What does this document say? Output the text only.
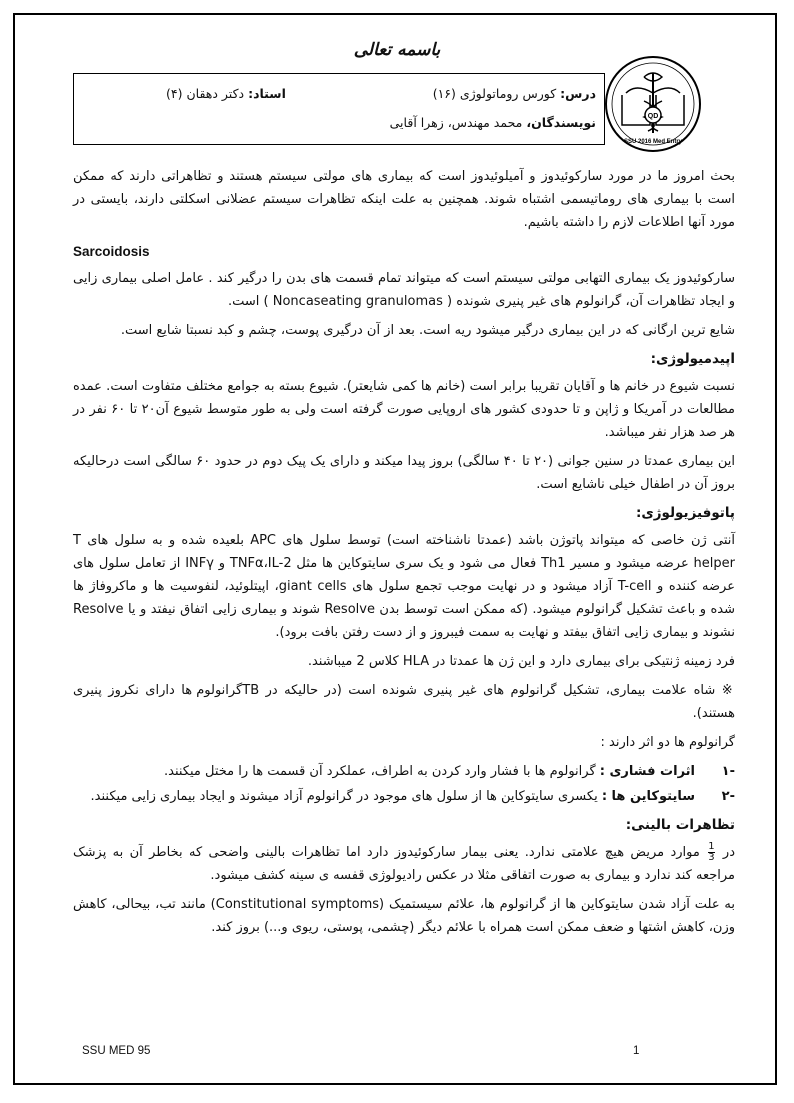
باسمه تعالی
QD
SSU 2016 Med Entry
درس: کورس روماتولوژی (۱۶)
استاد: دکتر دهقان (۴)
نویسندگان، محمد مهندس، زهرا آقایی

بحث امروز ما در مورد سارکوئیدوز و آمیلوئیدوز است که بیماری های مولتی سیستم هستند و تظاهراتی دارند که ممکن است با بیماری های روماتیسمی اشتباه شوند. همچنین به علت اینکه تظاهرات سیستم عضلانی اسکلتی دارند، بایستی در مورد آنها اطلاعات لازم را داشته باشیم.

Sarcoidosis

سارکوئیدوز یک بیماری التهابی مولتی سیستم است که میتواند تمام قسمت های بدن را درگیر کند . عامل اصلی بیماری زایی و ایجاد تظاهرات آن، گرانولوم های غیر پنیری شونده ( Noncaseating granulomas ) است.

شایع ترین ارگانی که در این بیماری درگیر میشود ریه است. بعد از آن درگیری پوست، چشم و کبد نسبتا شایع است.

اپیدمیولوژی:

نسبت شیوع در خانم ها و آقایان تقریبا برابر است (خانم ها کمی شایعتر). شیوع بسته به جوامع مختلف متفاوت است. عمده مطالعات در آمریکا و ژاپن و تا حدودی کشور های اروپایی صورت گرفته است ولی به طور متوسط شیوع آن۲۰ تا ۶۰ نفر در هر صد هزار نفر میباشد.

این بیماری عمدتا در سنین جوانی (۲۰ تا ۴۰ سالگی) بروز پیدا میکند و دارای یک پیک دوم در حدود ۶۰ سالگی است درحالیکه بروز آن در اطفال خیلی ناشایع است.

پاتوفیزیولوژی:

آنتی ژن خاصی که میتواند پاتوژن باشد (عمدتا ناشناخته است) توسط سلول های APC بلعیده شده و به سلول های T helper عرضه میشود و مسیر Th1 فعال می شود و یک سری سایتوکاین ها مثل TNFα،IL-2 و INFγ از تعامل سلول های عرضه کننده و T-cell آزاد میشود و در نهایت موجب تجمع سلول های giant cells، اپیتلوئید، لنفوسیت ها و ماکروفاژ ها شده و باعث تشکیل گرانولوم میشود. (که ممکن است توسط بدن Resolve شوند و بیماری زایی اتفاق نیفتد و یا Resolve نشوند و بیماری زایی اتفاق بیفتد و نهایت به سمت فیبروز و از دست رفتن بافت برود).

فرد زمینه ژنتیکی برای بیماری دارد و این ژن ها عمدتا در HLA کلاس 2 میباشند.

※ شاه علامت بیماری، تشکیل گرانولوم های غیر پنیری شونده است (در حالیکه در TBگرانولوم ها دارای نکروز پنیری هستند).

گرانولوم ها دو اثر دارند :

-۱
اثرات فشاری : گرانولوم ها با فشار وارد کردن به اطراف، عملکرد آن قسمت ها را مختل میکنند.
-۲
سایتوکاین ها : یکسری سایتوکاین ها از سلول های موجود در گرانولوم آزاد میشوند و ایجاد بیماری زایی میکنند.
تظاهرات بالینی:

در
$\frac{1}{3}$
موارد مریض هیچ علامتی ندارد. یعنی بیمار سارکوئیدوز دارد اما تظاهرات بالینی واضحی که بخاطر آن به پزشک مراجعه کند ندارد و بیماری به صورت اتفاقی مثلا در عکس رادیولوژی قفسه ی سینه کشف میشود.

به علت آزاد شدن سایتوکاین ها از گرانولوم ها، علائم سیستمیک (Constitutional symptoms) مانند تب، بیحالی، کاهش وزن، کاهش اشتها و ضعف ممکن است همراه با علائم دیگر (چشمی، پوستی، ریوی و...) بروز کند.

SSU MED 95	1
